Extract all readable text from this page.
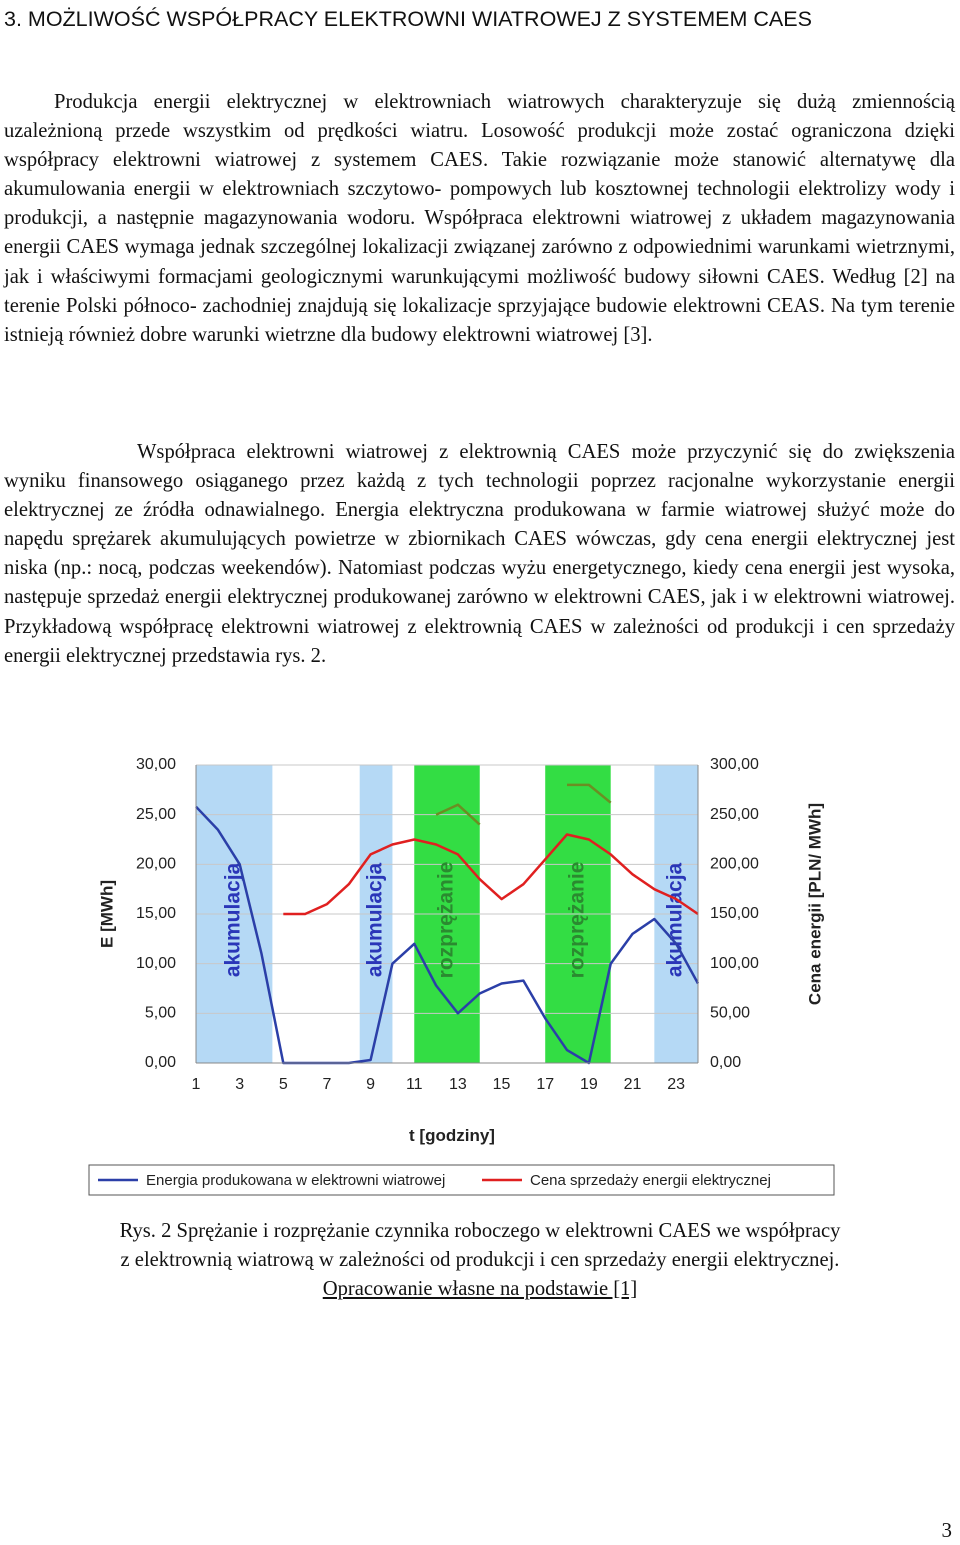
3. MOŻLIWOŚĆ WSPÓŁPRACY ELEKTROWNI WIATROWEJ Z SYSTEMEM CAES

Produkcja energii elektrycznej w elektrowniach wiatrowych charakteryzuje się dużą zmiennością uzależnioną przede wszystkim od prędkości wiatru. Losowość produkcji może zostać ograniczona dzięki współpracy elektrowni wiatrowej z systemem CAES. Takie rozwiązanie może stanowić alternatywę dla akumulowania energii w elektrowniach szczytowo- pompowych lub kosztownej technologii elektrolizy wody i produkcji, a następnie magazynowania wodoru. Współpraca elektrowni wiatrowej z układem magazynowania energii CAES wymaga jednak szczególnej lokalizacji związanej zarówno z odpowiednimi warunkami wietrznymi, jak i właściwymi formacjami geologicznymi warunkującymi możliwość budowy siłowni CAES. Według [2] na terenie Polski północo- zachodniej znajdują się lokalizacje sprzyjające budowie elektrowni CEAS. Na tym terenie istnieją również dobre warunki wietrzne dla budowy elektrowni wiatrowej [3].

Współpraca elektrowni wiatrowej z elektrownią CAES może przyczynić się do zwiększenia wyniku finansowego osiąganego przez każdą z tych technologii poprzez racjonalne wykorzystanie energii elektrycznej ze źródła odnawialnego. Energia elektryczna produkowana w farmie wiatrowej służyć może do napędu sprężarek akumulujących powietrze w zbiornikach CAES wówczas, gdy cena energii elektrycznej jest niska (np.: nocą, podczas weekendów). Natomiast podczas wyżu energetycznego, kiedy cena energii jest wysoka, następuje sprzedaż energii elektrycznej produkowanej zarówno w elektrowni CAES, jak i w elektrowni wiatrowej. Przykładową współpracę elektrowni wiatrowej z elektrownią CAES w zależności od produkcji i cen sprzedaży energii elektrycznej przedstawia rys. 2.

akumulacja	akumulacja rozprężanie	rozprężanie	akumulacja
0,00
5,00
10,00
15,00
20,00
25,00
30,00
0,00
50,00
100,00
150,00
200,00
250,00
300,00
1 3 5 7 9 11 13 15 17 19 21 23
t [godziny]
E [MWh]	Cena energii [PLN/ MWh]
Energia produkowana w elektrowni wiatrowej	Cena sprzedaży energii elektrycznej
Rys. 2 Sprężanie i rozprężanie czynnika roboczego w elektrowni CAES we współpracy
z elektrownią wiatrową w zależności od produkcji i cen sprzedaży energii elektrycznej.
Opracowanie własne na podstawie [1]
3
